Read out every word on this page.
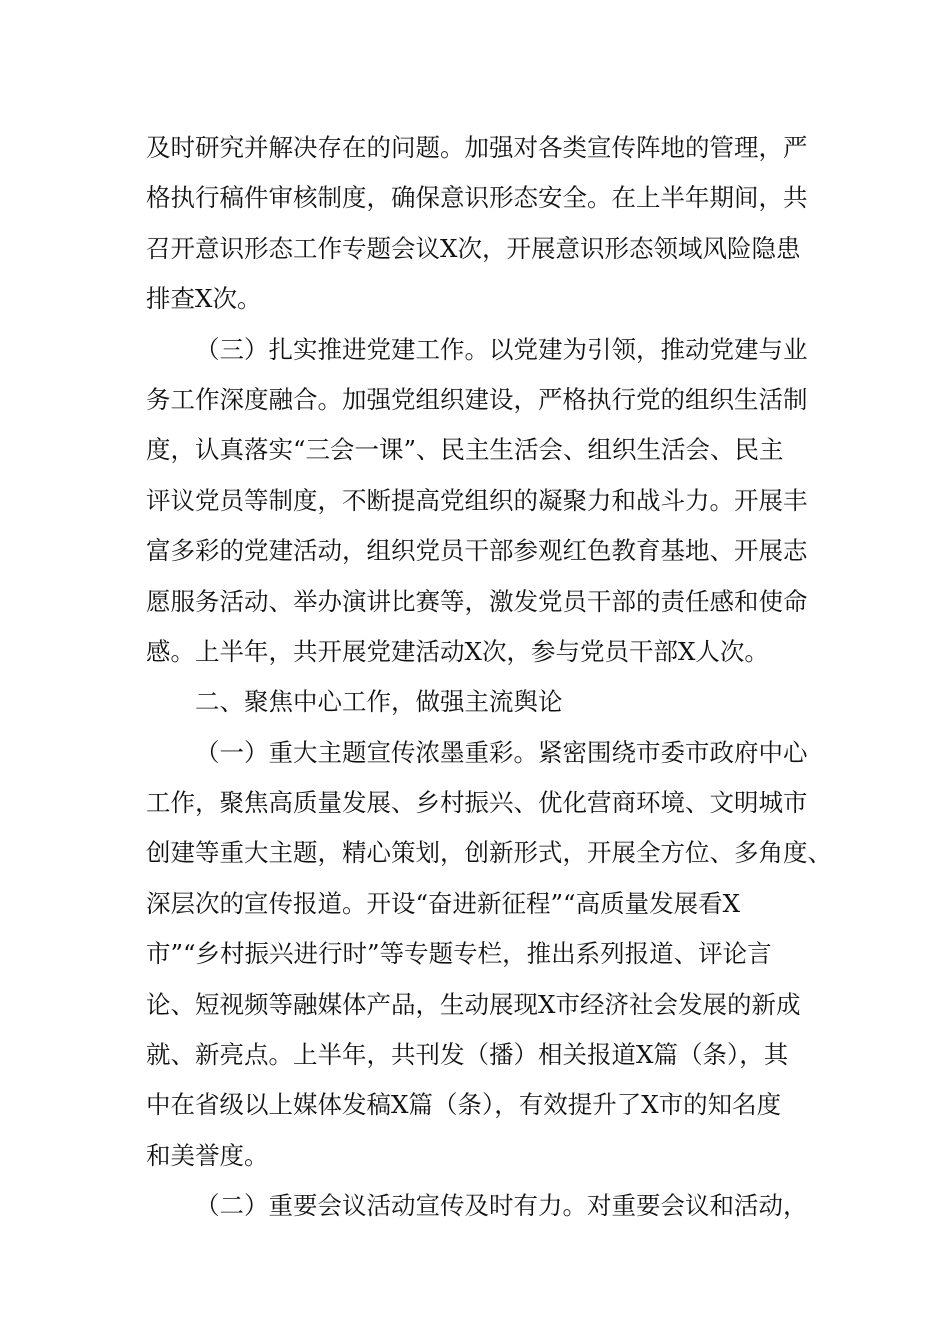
及时研究并解决存在的问题。加强对各类宣传阵地的管理，严
格执行稿件审核制度，确保意识形态安全。在上半年期间，共
召开意识形态工作专题会议X次，开展意识形态领域风险隐患
排查X次。
（三）扎实推进党建工作。以党建为引领，推动党建与业
务工作深度融合。加强党组织建设，严格执行党的组织生活制
度，认真落实“三会一课”、民主生活会、组织生活会、民主
评议党员等制度，不断提高党组织的凝聚力和战斗力。开展丰
富多彩的党建活动，组织党员干部参观红色教育基地、开展志
愿服务活动、举办演讲比赛等，激发党员干部的责任感和使命
感。上半年，共开展党建活动X次，参与党员干部X人次。
二、聚焦中心工作，做强主流舆论
（一）重大主题宣传浓墨重彩。紧密围绕市委市政府中心
工作，聚焦高质量发展、乡村振兴、优化营商环境、文明城市
创建等重大主题，精心策划，创新形式，开展全方位、多角度、
深层次的宣传报道。开设“奋进新征程”“高质量发展看X
市”“乡村振兴进行时”等专题专栏，推出系列报道、评论言
论、短视频等融媒体产品，生动展现X市经济社会发展的新成
就、新亮点。上半年，共刊发（播）相关报道X篇（条），其
中在省级以上媒体发稿X篇（条），有效提升了X市的知名度
和美誉度。
（二）重要会议活动宣传及时有力。对重要会议和活动，
